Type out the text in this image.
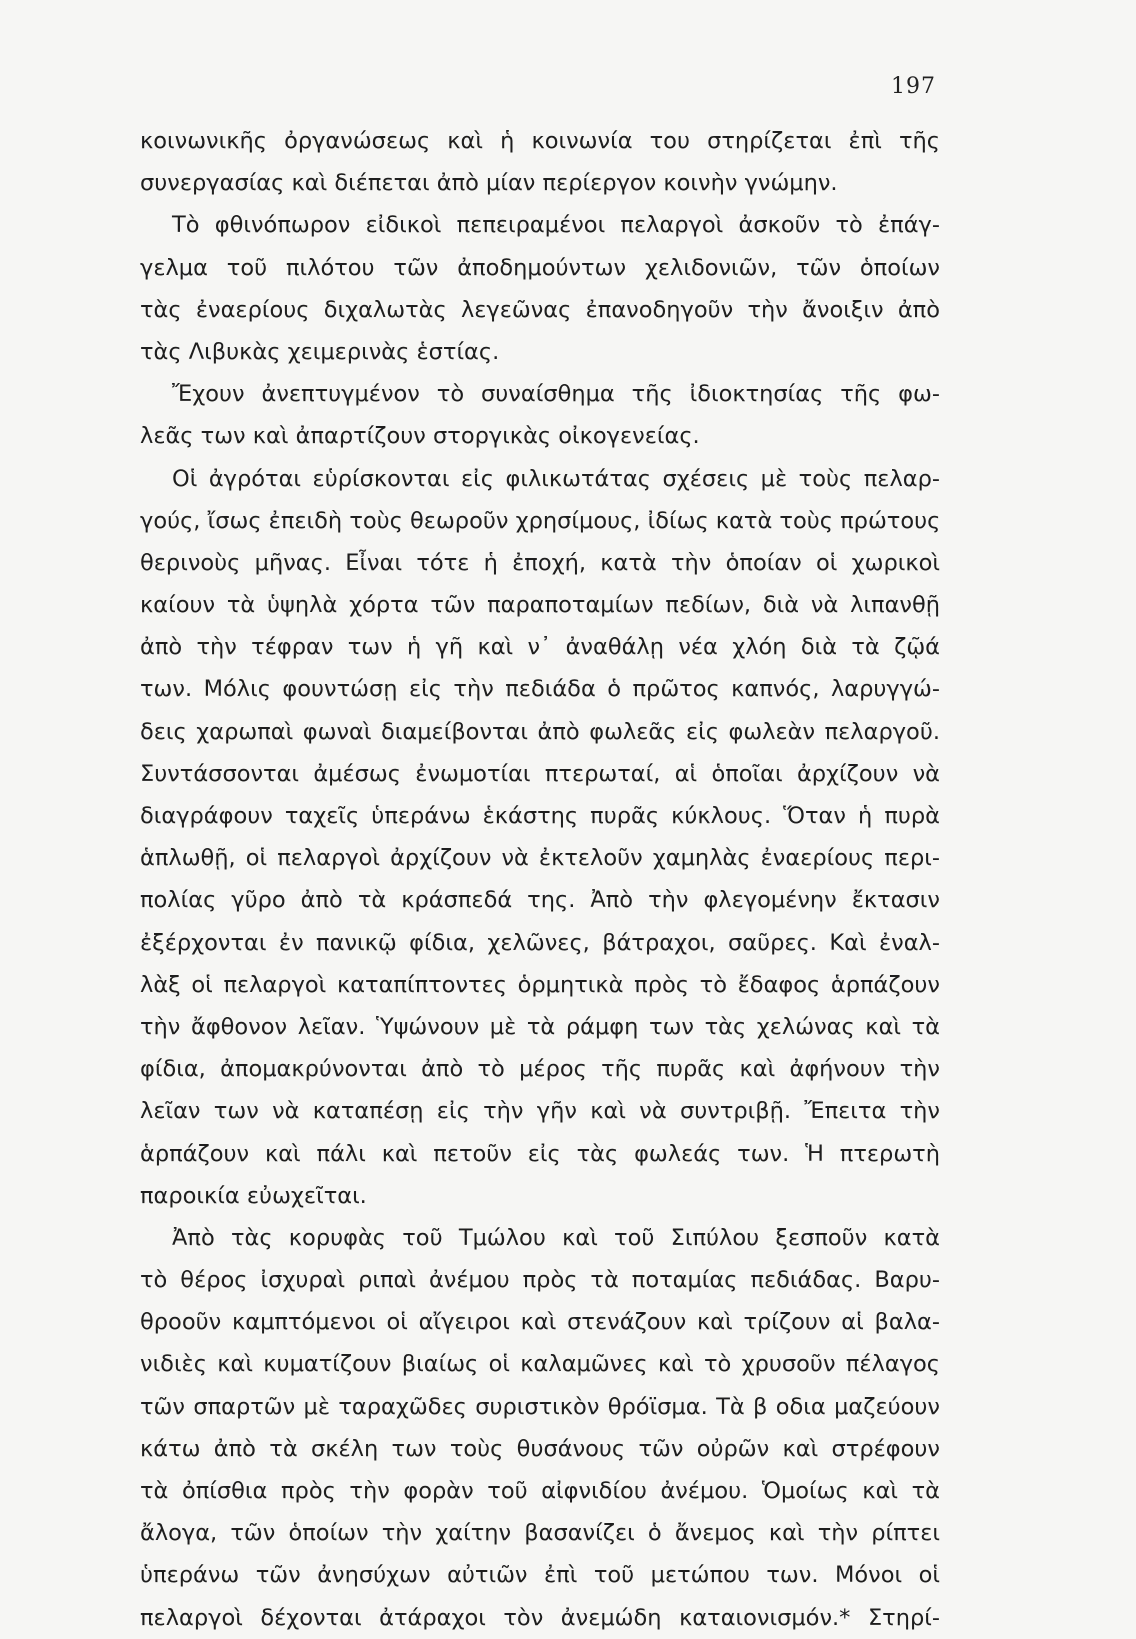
197
κοινωνικῆς ὀργανώσεως καὶ ἡ κοινωνία του στηρίζεται ἐπὶ τῆς
συνεργασίας καὶ διέπεται ἀπὸ μίαν περίεργον κοινὴν γνώμην.
Τὸ φθινόπωρον εἰδικοὶ πεπειραμένοι πελαργοὶ ἀσκοῦν τὸ ἐπάγ-
γελμα τοῦ πιλότου τῶν ἀποδημούντων χελιδονιῶν, τῶν ὁποίων
τὰς ἐναερίους διχαλωτὰς λεγεῶνας ἐπανοδηγοῦν τὴν ἄνοιξιν ἀπὸ
τὰς Λιβυκὰς χειμερινὰς ἑστίας.
Ἔχουν ἀνεπτυγμένον τὸ συναίσθημα τῆς ἰδιοκτησίας τῆς φω-
λεᾶς των καὶ ἀπαρτίζουν στοργικὰς οἰκογενείας.
Οἱ ἀγρόται εὑρίσκονται εἰς φιλικωτάτας σχέσεις μὲ τοὺς πελαρ-
γούς, ἴσως ἐπειδὴ τοὺς θεωροῦν χρησίμους, ἰδίως κατὰ τοὺς πρώτους
θερινοὺς μῆνας. Εἶναι τότε ἡ ἐποχή, κατὰ τὴν ὁποίαν οἱ χωρικοὶ
καίουν τὰ ὑψηλὰ χόρτα τῶν παραποταμίων πεδίων, διὰ νὰ λιπανθῇ
ἀπὸ τὴν τέφραν των ἡ γῆ καὶ ν᾽ ἀναθάλῃ νέα χλόη διὰ τὰ ζῷά
των. Μόλις φουντώσῃ εἰς τὴν πεδιάδα ὁ πρῶτος καπνός, λαρυγγώ-
δεις χαρωπαὶ φωναὶ διαμείβονται ἀπὸ φωλεᾶς εἰς φωλεὰν πελαργοῦ.
Συντάσσονται ἀμέσως ἐνωμοτίαι πτερωταί, αἱ ὁποῖαι ἀρχίζουν νὰ
διαγράφουν ταχεῖς ὑπεράνω ἑκάστης πυρᾶς κύκλους. Ὅταν ἡ πυρὰ
ἁπλωθῇ, οἱ πελαργοὶ ἀρχίζουν νὰ ἐκτελοῦν χαμηλὰς ἐναερίους περι-
πολίας γῦρο ἀπὸ τὰ κράσπεδά της. Ἀπὸ τὴν φλεγομένην ἔκτασιν
ἐξέρχονται ἐν πανικῷ φίδια, χελῶνες, βάτραχοι, σαῦρες. Καὶ ἐναλ-
λὰξ οἱ πελαργοὶ καταπίπτοντες ὁρμητικὰ πρὸς τὸ ἔδαφος ἁρπάζουν
τὴν ἄφθονον λεῖαν. Ὑψώνουν μὲ τὰ ράμφη των τὰς χελώνας καὶ τὰ
φίδια, ἀπομακρύνονται ἀπὸ τὸ μέρος τῆς πυρᾶς καὶ ἀφήνουν τὴν
λεῖαν των νὰ καταπέσῃ εἰς τὴν γῆν καὶ νὰ συντριβῇ. Ἔπειτα τὴν
ἁρπάζουν καὶ πάλι καὶ πετοῦν εἰς τὰς φωλεάς των. Ἡ πτερωτὴ
παροικία εὐωχεῖται.
Ἀπὸ τὰς κορυφὰς τοῦ Τμώλου καὶ τοῦ Σιπύλου ξεσποῦν κατὰ
τὸ θέρος ἰσχυραὶ ριπαὶ ἀνέμου πρὸς τὰ ποταμίας πεδιάδας. Βαρυ-
θροοῦν καμπτόμενοι οἱ αἴγειροι καὶ στενάζουν καὶ τρίζουν αἱ βαλα-
νιδιὲς καὶ κυματίζουν βιαίως οἱ καλαμῶνες καὶ τὸ χρυσοῦν πέλαγος
τῶν σπαρτῶν μὲ ταραχῶδες συριστικὸν θρόϊσμα. Τὰ β οδια μαζεύουν
κάτω ἀπὸ τὰ σκέλη των τοὺς θυσάνους τῶν οὐρῶν καὶ στρέφουν
τὰ ὀπίσθια πρὸς τὴν φορὰν τοῦ αἰφνιδίου ἀνέμου. Ὁμοίως καὶ τὰ
ἄλογα, τῶν ὁποίων τὴν χαίτην βασανίζει ὁ ἄνεμος καὶ τὴν ρίπτει
ὑπεράνω τῶν ἀνησύχων αὐτιῶν ἐπὶ τοῦ μετώπου των. Μόνοι οἱ
πελαργοὶ δέχονται ἀτάραχοι τὸν ἀνεμώδη καταιονισμόν.* Στηρί-
